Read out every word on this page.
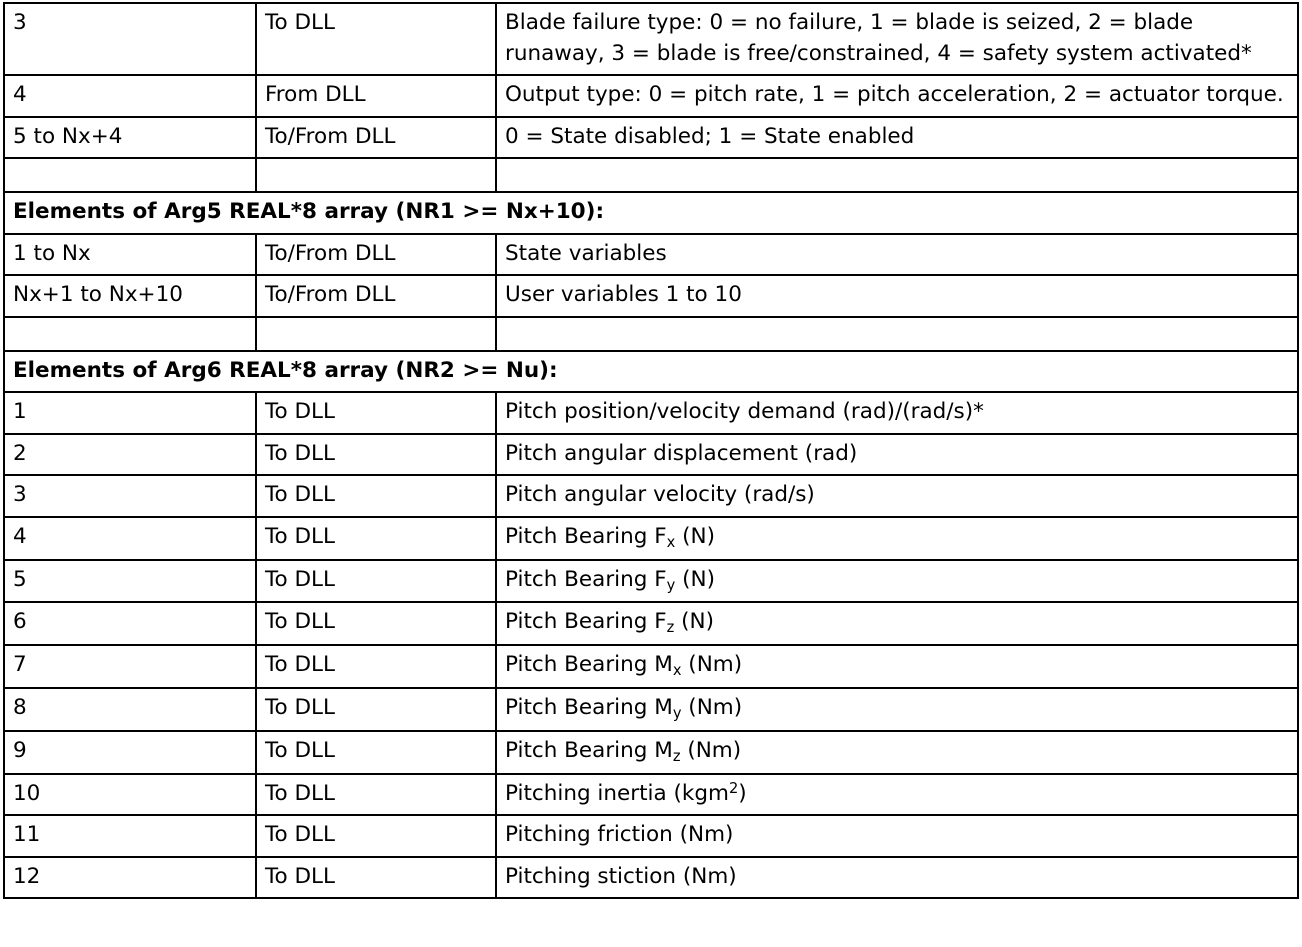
3	To DLL	Blade failure type: 0 = no failure, 1 = blade is seized, 2 = blade runaway, 3 = blade is free/constrained, 4 = safety system activated*
4	From DLL	Output type: 0 = pitch rate, 1 = pitch acceleration, 2 = actuator torque.
5 to Nx+4	To/From DLL	0 = State disabled; 1 = State enabled

Elements of Arg5 REAL*8 array (NR1 >= Nx+10):		
1 to Nx	To/From DLL	State variables
Nx+1 to Nx+10	To/From DLL	User variables 1 to 10

Elements of Arg6 REAL*8 array (NR2 >= Nu):		
1	To DLL	Pitch position/velocity demand (rad)/(rad/s)*
2	To DLL	Pitch angular displacement (rad)
3	To DLL	Pitch angular velocity (rad/s)
4	To DLL	Pitch Bearing $F_x$ (N)
5	To DLL	Pitch Bearing $F_y$ (N)
6	To DLL	Pitch Bearing $F_z$ (N)
7	To DLL	Pitch Bearing $M_x$ (Nm)
8	To DLL	Pitch Bearing $M_y$ (Nm)
9	To DLL	Pitch Bearing $M_z$ (Nm)
10	To DLL	Pitching inertia (kgm$^2$)
11	To DLL	Pitching friction (Nm)
12	To DLL	Pitching stiction (Nm)
